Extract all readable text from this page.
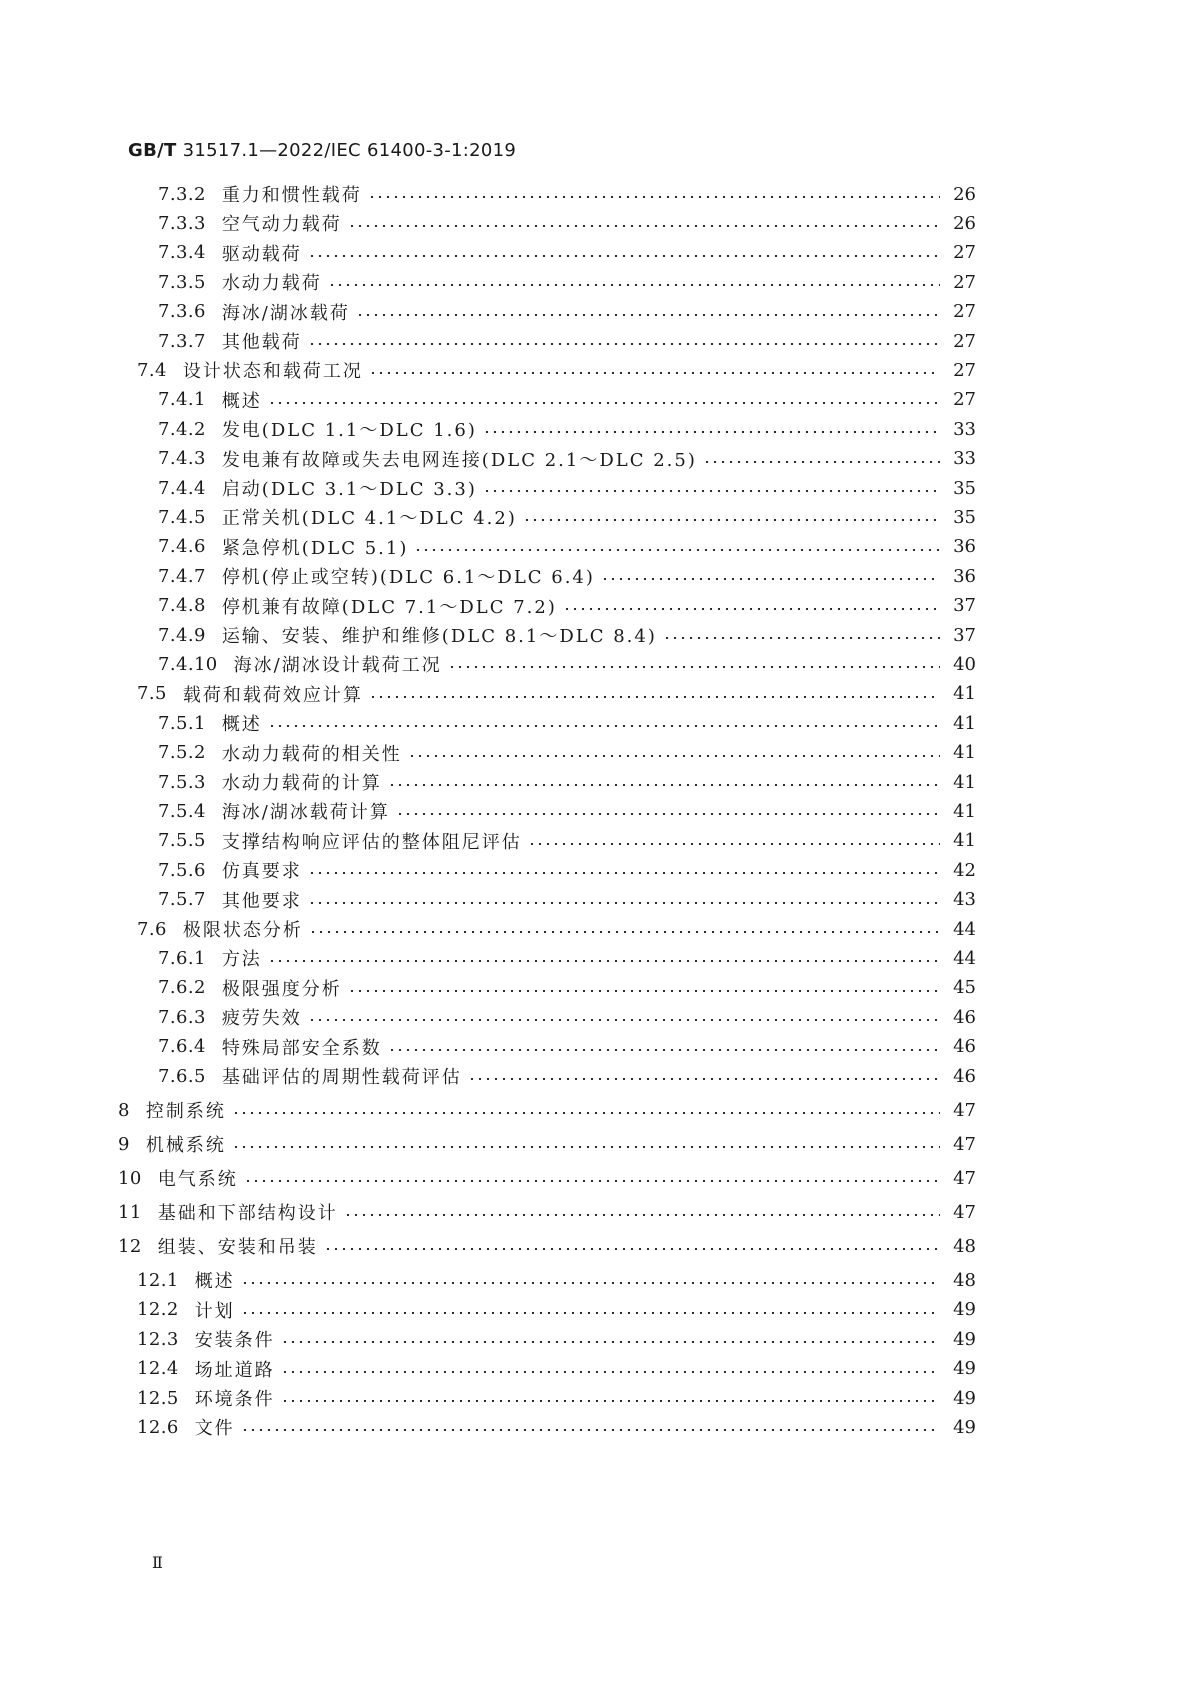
GB/T 31517.1—2022/IEC 61400-3-1:2019
7.3.2 重力和惯性载荷	26
7.3.3 空气动力载荷	26
7.3.4 驱动载荷	27
7.3.5 水动力载荷	27
7.3.6 海冰/湖冰载荷	27
7.3.7 其他载荷	27
7.4 设计状态和载荷工况	27
7.4.1 概述	27
7.4.2 发电(DLC 1.1～DLC 1.6)	33
7.4.3 发电兼有故障或失去电网连接(DLC 2.1～DLC 2.5)	33
7.4.4 启动(DLC 3.1～DLC 3.3)	35
7.4.5 正常关机(DLC 4.1～DLC 4.2)	35
7.4.6 紧急停机(DLC 5.1)	36
7.4.7 停机(停止或空转)(DLC 6.1～DLC 6.4)	36
7.4.8 停机兼有故障(DLC 7.1～DLC 7.2)	37
7.4.9 运输、安装、维护和维修(DLC 8.1～DLC 8.4)	37
7.4.10 海冰/湖冰设计载荷工况	40
7.5 载荷和载荷效应计算	41
7.5.1 概述	41
7.5.2 水动力载荷的相关性	41
7.5.3 水动力载荷的计算	41
7.5.4 海冰/湖冰载荷计算	41
7.5.5 支撑结构响应评估的整体阻尼评估	41
7.5.6 仿真要求	42
7.5.7 其他要求	43
7.6 极限状态分析	44
7.6.1 方法	44
7.6.2 极限强度分析	45
7.6.3 疲劳失效	46
7.6.4 特殊局部安全系数	46
7.6.5 基础评估的周期性载荷评估	46
8 控制系统	47
9 机械系统	47
10 电气系统	47
11 基础和下部结构设计	47
12 组装、安装和吊装	48
12.1 概述	48
12.2 计划	49
12.3 安装条件	49
12.4 场址道路	49
12.5 环境条件	49
12.6 文件	49
Ⅱ
